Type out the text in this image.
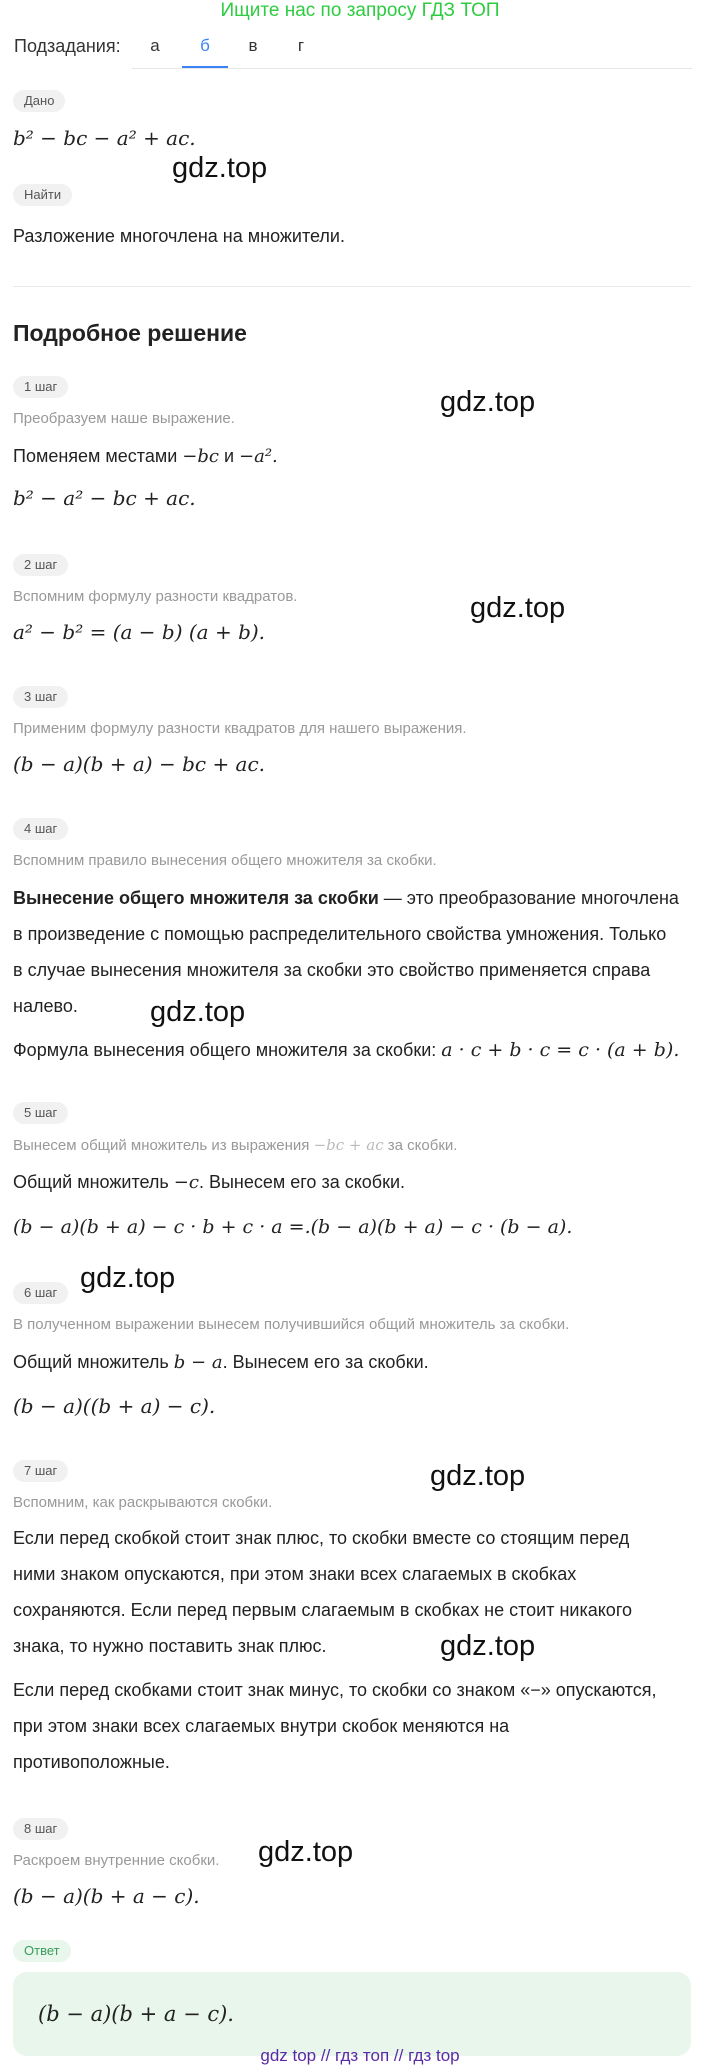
Ищите нас по запросу ГДЗ ТОП
Подзадания:	а	б	в	г
Дано
b² − bc − a² + ac.
gdz.top
Найти
Разложение многочлена на множители.
Подробное решение
1 шаг
Преобразуем наше выражение.
gdz.top
Поменяем местами −bc и −a².
b² − a² − bc + ac.
2 шаг
Вспомним формулу разности квадратов.	gdz.top
a² − b² = (a − b) (a + b).
3 шаг
Применим формулу разности квадратов для нашего выражения.
(b − a)(b + a) − bc + ac.
4 шаг
Вспомним правило вынесения общего множителя за скобки.
Вынесение общего множителя за скобки — это преобразование многочлена
в произведение с помощью распределительного свойства умножения. Только
в случае вынесения множителя за скобки это свойство применяется справа
налево.	gdz.top
Формула вынесения общего множителя за скобки: a · c + b · c = c · (a + b).
5 шаг
Вынесем общий множитель из выражения −bc + ac за скобки.
Общий множитель −c. Вынесем его за скобки.
(b − a)(b + a) − c · b + c · a =.(b − a)(b + a) − c · (b − a).
6 шаг gdz.top
В полученном выражении вынесем получившийся общий множитель за скобки.
Общий множитель b − a. Вынесем его за скобки.
(b − a)((b + a) − c).
7 шаг	gdz.top
Вспомним, как раскрываются скобки.
Если перед скобкой стоит знак плюс, то скобки вместе со стоящим перед
ними знаком опускаются, при этом знаки всех слагаемых в скобках
сохраняются. Если перед первым слагаемым в скобках не стоит никакого
знака, то нужно поставить знак плюс.	gdz.top
Если перед скобками стоит знак минус, то скобки со знаком «−» опускаются,
при этом знаки всех слагаемых внутри скобок меняются на
противоположные.
8 шаг
Раскроем внутренние скобки.	gdz.top
(b − a)(b + a − c).
Ответ
(b − a)(b + a − c).
gdz top // гдз топ // гдз top
